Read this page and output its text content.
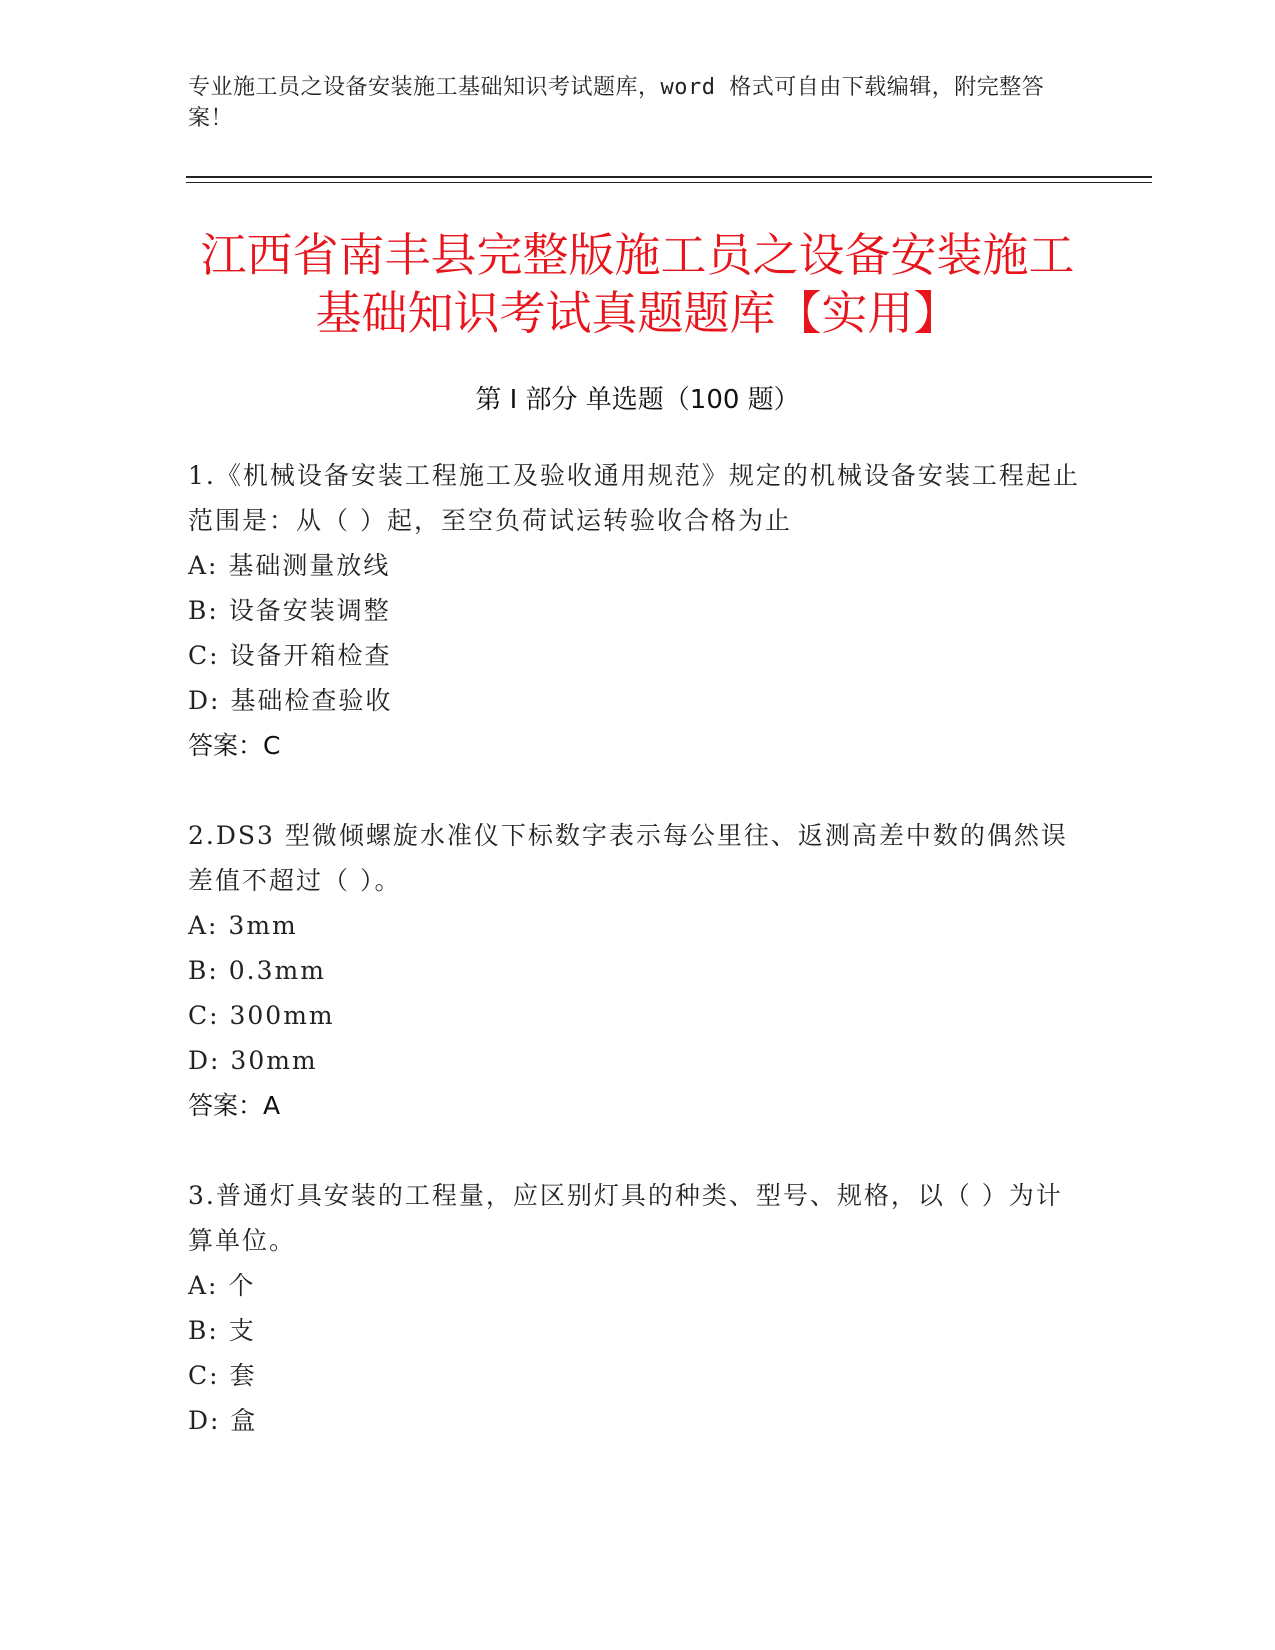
专业施工员之设备安装施工基础知识考试题库，word 格式可自由下载编辑，附完整答案！
江西省南丰县完整版施工员之设备安装施工
基础知识考试真题题库【实用】
第 I 部分 单选题（100 题）

1.《机械设备安装工程施工及验收通用规范》规定的机械设备安装工程起止范围是：从（ ）起，至空负荷试运转验收合格为止

A: 基础测量放线

B: 设备安装调整

C: 设备开箱检查

D: 基础检查验收

答案：C

2.DS3 型微倾螺旋水准仪下标数字表示每公里往、返测高差中数的偶然误差值不超过（ ）。

A: 3mm

B: 0.3mm

C: 300mm

D: 30mm

答案：A

3.普通灯具安装的工程量，应区别灯具的种类、型号、规格，以（ ）为计算单位。

A: 个

B: 支

C: 套

D: 盒
